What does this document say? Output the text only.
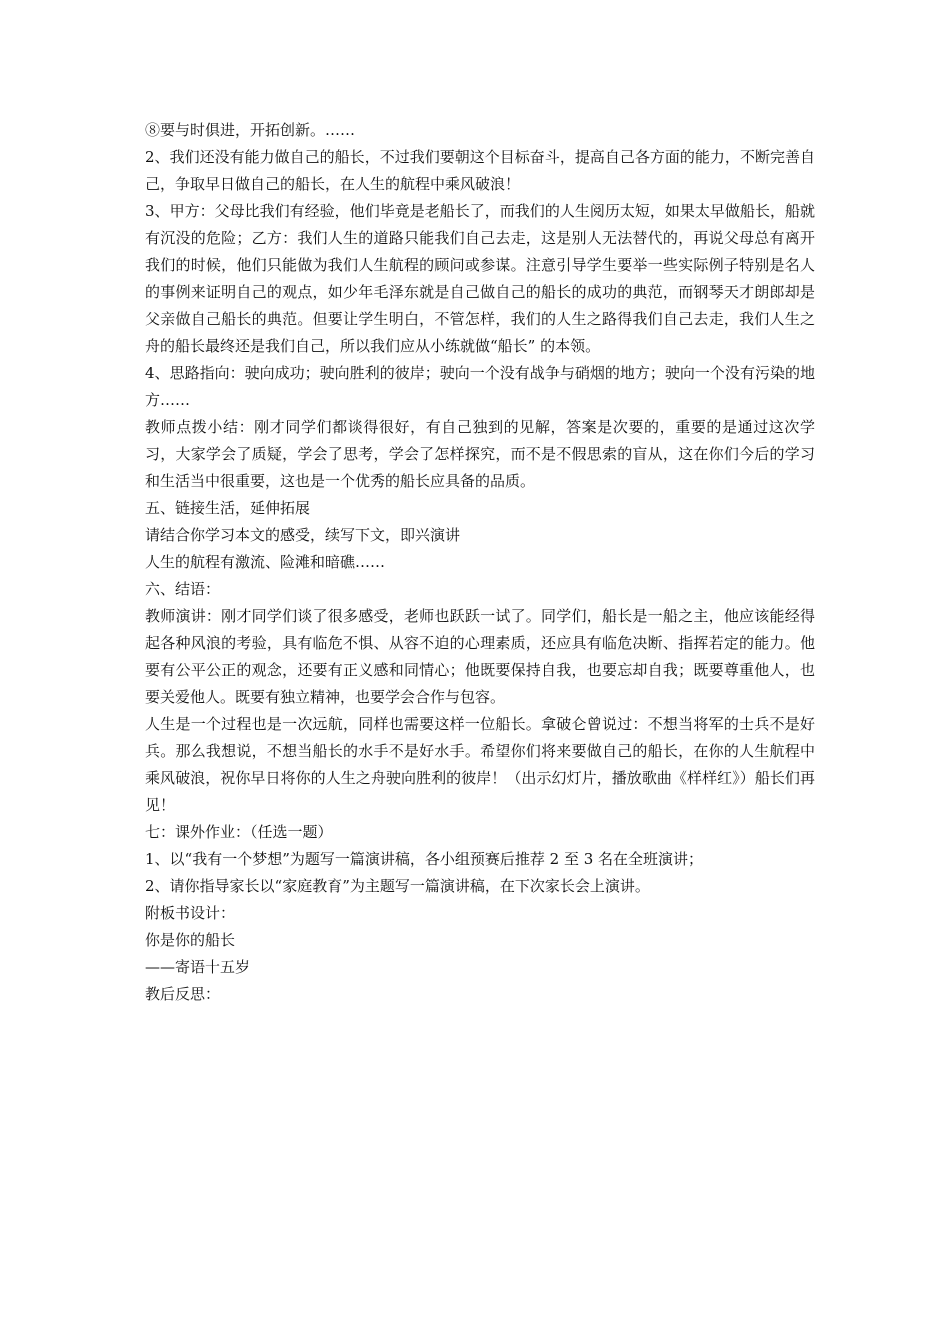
⑧要与时俱进，开拓创新。……

2、我们还没有能力做自己的船长，不过我们要朝这个目标奋斗，提高自己各方面的能力，不断完善自己，争取早日做自己的船长，在人生的航程中乘风破浪！

3、甲方：父母比我们有经验，他们毕竟是老船长了，而我们的人生阅历太短，如果太早做船长，船就有沉没的危险；乙方：我们人生的道路只能我们自己去走，这是别人无法替代的，再说父母总有离开我们的时候，他们只能做为我们人生航程的顾问或参谋。注意引导学生要举一些实际例子特别是名人的事例来证明自己的观点，如少年毛泽东就是自己做自己的船长的成功的典范，而钢琴天才朗郎却是父亲做自己船长的典范。但要让学生明白，不管怎样，我们的人生之路得我们自己去走，我们人生之舟的船长最终还是我们自己，所以我们应从小练就做“船长” 的本领。

4、思路指向：驶向成功；驶向胜利的彼岸；驶向一个没有战争与硝烟的地方；驶向一个没有污染的地方……

教师点拨小结：刚才同学们都谈得很好，有自己独到的见解，答案是次要的，重要的是通过这次学习，大家学会了质疑，学会了思考，学会了怎样探究，而不是不假思索的盲从，这在你们今后的学习和生活当中很重要，这也是一个优秀的船长应具备的品质。

五、链接生活，延伸拓展

请结合你学习本文的感受，续写下文，即兴演讲

人生的航程有激流、险滩和暗礁……

六、结语：

教师演讲：刚才同学们谈了很多感受，老师也跃跃一试了。同学们，船长是一船之主，他应该能经得起各种风浪的考验，具有临危不惧、从容不迫的心理素质，还应具有临危决断、指挥若定的能力。他要有公平公正的观念，还要有正义感和同情心；他既要保持自我，也要忘却自我；既要尊重他人，也要关爱他人。既要有独立精神，也要学会合作与包容。

人生是一个过程也是一次远航，同样也需要这样一位船长。拿破仑曾说过：不想当将军的士兵不是好兵。那么我想说，不想当船长的水手不是好水手。希望你们将来要做自己的船长，在你的人生航程中乘风破浪，祝你早日将你的人生之舟驶向胜利的彼岸！（出示幻灯片，播放歌曲《样样红》）船长们再见！

七：课外作业：（任选一题）

1、以“我有一个梦想”为题写一篇演讲稿，各小组预赛后推荐 2 至 3 名在全班演讲；

2、请你指导家长以“家庭教育”为主题写一篇演讲稿，在下次家长会上演讲。

附板书设计：

你是你的船长

——寄语十五岁

教后反思：
